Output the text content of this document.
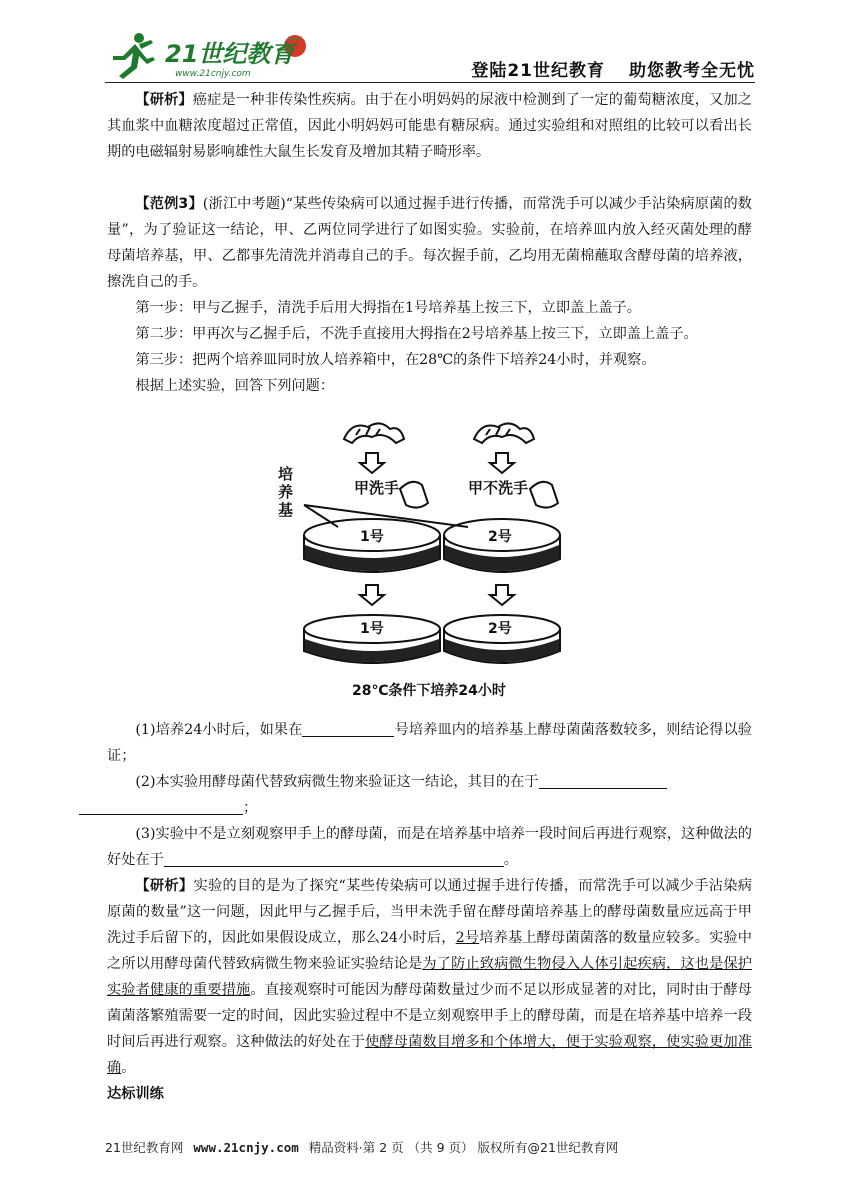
21世纪教育
www.21cnjy.com	登陆21世纪教育 助您教考全无忧

【研析】癌症是一种非传染性疾病。由于在小明妈妈的尿液中检测到了一定的葡萄糖浓度，又加之其血浆中血糖浓度超过正常值，因此小明妈妈可能患有糖尿病。通过实验组和对照组的比较可以看出长期的电磁辐射易影响雄性大鼠生长发育及增加其精子畸形率。

【范例3】(浙江中考题)“某些传染病可以通过握手进行传播，而常洗手可以减少手沾染病原菌的数量”，为了验证这一结论，甲、乙两位同学进行了如图实验。实验前，在培养皿内放入经灭菌处理的酵母菌培养基，甲、乙都事先清洗并消毒自己的手。每次握手前，乙均用无菌棉蘸取含酵母菌的培养液，擦洗自己的手。

第一步：甲与乙握手，清洗手后用大拇指在1号培养基上按三下，立即盖上盖子。

第二步：甲再次与乙握手后，不洗手直接用大拇指在2号培养基上按三下，立即盖上盖子。

第三步：把两个培养皿同时放人培养箱中，在28℃的条件下培养24小时，并观察。

根据上述实验，回答下列问题：

培 养 基
甲洗手	甲不洗手
1号	2号
1号	2号
28℃条件下培养24小时

(1)培养24小时后，如果在	号培养皿内的培养基上酵母菌菌落数较多，则结论得以验证；

(2)本实验用酵母菌代替致病微生物来验证这一结论，其目的在于
；

(3)实验中不是立刻观察甲手上的酵母菌，而是在培养基中培养一段时间后再进行观察，这种做法的好处在于	。

【研析】实验的目的是为了探究“某些传染病可以通过握手进行传播，而常洗手可以减少手沾染病原菌的数量”这一问题，因此甲与乙握手后，当甲未洗手留在酵母菌培养基上的酵母菌数量应远高于甲洗过手后留下的，因此如果假设成立，那么24小时后，2号培养基上酵母菌菌落的数量应较多。实验中之所以用酵母菌代替致病微生物来验证实验结论是为了防止致病微生物侵入人体引起疾病，这也是保护实验者健康的重要措施。直接观察时可能因为酵母菌数量过少而不足以形成显著的对比，同时由于酵母菌菌落繁殖需要一定的时间，因此实验过程中不是立刻观察甲手上的酵母菌，而是在培养基中培养一段时间后再进行观察。这种做法的好处在于使酵母菌数目增多和个体增大，便于实验观察，使实验更加准确。

达标训练

21世纪教育网 www.21cnjy.com 精品资料·第 2 页 （共 9 页） 版权所有@21世纪教育网
